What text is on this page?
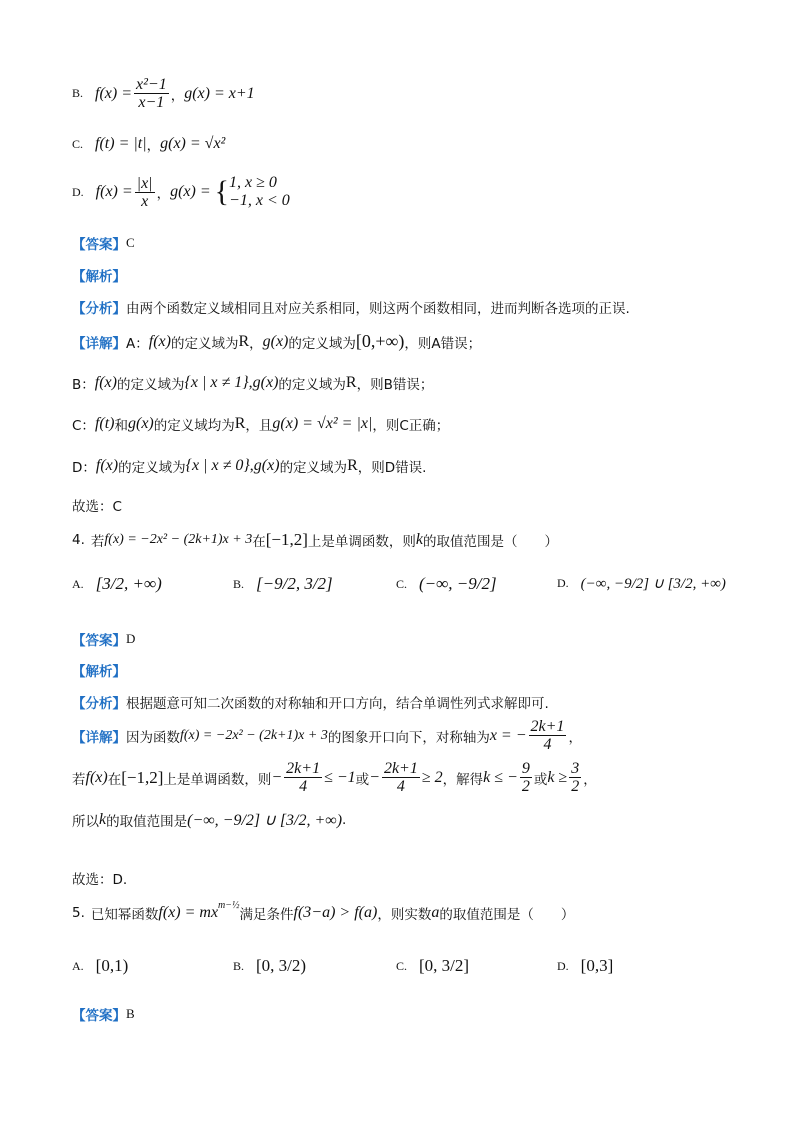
B. $f(x) = \frac{\text{x²−1}}{x-1}$ ， g(x) = x+1
C. f(t) = |t| ， g(x) = √x²
D. $f(x) = \frac{|x|}{x}$ ， g(x) = { 1, x ≥ 0
−1, x < 0
【答案】 C
【解析】
【分析】 由两个函数定义域相同且对应关系相同，则这两个函数相同，进而判断各选项的正误.
【详解】 A： f(x) 的定义域为 R ， g(x) 的定义域为 [0,+∞) ，则A错误；
B： f(x) 的定义域为 {x | x ≠ 1} , g(x) 的定义域为 R ，则B错误；
C： f(t) 和 g(x) 的定义域均为 R ，且 g(x) = √x² = |x| ，则C正确；
D： f(x) 的定义域为 {x | x ≠ 0} , g(x) 的定义域为 R ，则D错误.
故选：C
4. 若 f(x) = −2x² − (2k+1)x + 3 在 [−1,2] 上是单调函数，则 k 的取值范围是（　　）
A. [3/2, +∞)	B. [−9/2, 3/2]	C. (−∞, −9/2]	D. (−∞, −9/2] ∪ [3/2, +∞)
【答案】 D
【解析】
【分析】 根据题意可知二次函数的对称轴和开口方向，结合单调性列式求解即可.
【详解】 因为函数 f(x) = −2x² − (2k+1)x + 3 的图象开口向下，对称轴为 x = − $\frac{2k+1}{4}$ ，
若 f(x) 在 [−1,2] 上是单调函数，则 − $\frac{2k+1}{4} \le -1$ 或 − $\frac{2k+1}{4} \ge 2$ ，解得 k ≤ − $\frac{9}{2}$ 或 $k \ge \frac{3}{2}$ ，
所以 k 的取值范围是 (−∞, −9/2] ∪ [3/2, +∞) .
故选：D.
5. 已知幂函数 $f(x) = mx^{m-\frac{1}{2}}$
满足条件 f(3−a) > f(a) ，则实数 a 的取值范围是（　　）
A. [0,1)	B. [0, 3/2)	C. [0, 3/2]	D. [0,3]
【答案】 B
